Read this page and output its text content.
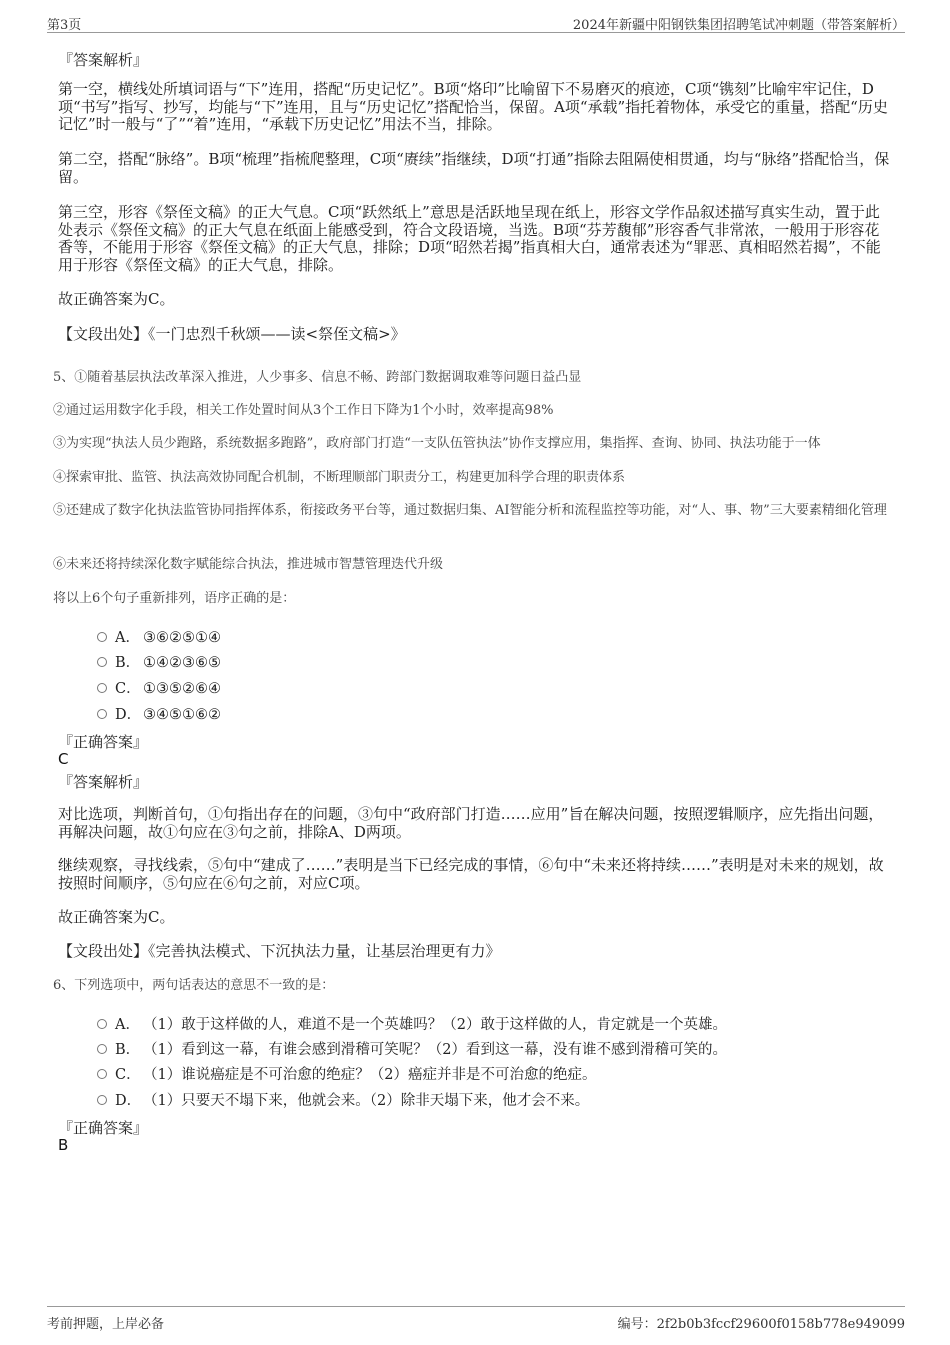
第3页	2024年新疆中阳钢铁集团招聘笔试冲刺题（带答案解析）
『答案解析』
第一空，横线处所填词语与“下”连用，搭配“历史记忆”。B项“烙印”比喻留下不易磨灭的痕迹，C项“镌刻”比喻牢牢记住，D项“书写”指写、抄写，均能与“下”连用，且与“历史记忆”搭配恰当，保留。A项“承载”指托着物体，承受它的重量，搭配“历史记忆”时一般与“了”“着”连用，“承载下历史记忆”用法不当，排除。
第二空，搭配“脉络”。B项“梳理”指梳爬整理，C项“赓续”指继续，D项“打通”指除去阻隔使相贯通，均与“脉络”搭配恰当，保留。
第三空，形容《祭侄文稿》的正大气息。C项“跃然纸上”意思是活跃地呈现在纸上，形容文学作品叙述描写真实生动，置于此处表示《祭侄文稿》的正大气息在纸面上能感受到，符合文段语境，当选。B项“芬芳馥郁”形容香气非常浓，一般用于形容花香等，不能用于形容《祭侄文稿》的正大气息，排除；D项“昭然若揭”指真相大白，通常表述为“罪恶、真相昭然若揭”，不能用于形容《祭侄文稿》的正大气息，排除。
故正确答案为C。
【文段出处】《一门忠烈千秋颂——读<祭侄文稿>》
5、①随着基层执法改革深入推进，人少事多、信息不畅、跨部门数据调取难等问题日益凸显
②通过运用数字化手段，相关工作处置时间从3个工作日下降为1个小时，效率提高98%
③为实现“执法人员少跑路，系统数据多跑路”，政府部门打造“一支队伍管执法”协作支撑应用，集指挥、查询、协同、执法功能于一体
④探索审批、监管、执法高效协同配合机制，不断理顺部门职责分工，构建更加科学合理的职责体系
⑤还建成了数字化执法监管协同指挥体系，衔接政务平台等，通过数据归集、AI智能分析和流程监控等功能，对“人、事、物”三大要素精细化管理
⑥未来还将持续深化数字赋能综合执法，推进城市智慧管理迭代升级
将以上6个句子重新排列，语序正确的是：
A． ③⑥②⑤①④
B． ①④②③⑥⑤
C． ①③⑤②⑥④
D． ③④⑤①⑥②
『正确答案』
C
『答案解析』
对比选项，判断首句，①句指出存在的问题，③句中“政府部门打造……应用”旨在解决问题，按照逻辑顺序，应先指出问题，再解决问题，故①句应在③句之前，排除A、D两项。
继续观察，寻找线索，⑤句中“建成了……”表明是当下已经完成的事情，⑥句中“未来还将持续……”表明是对未来的规划，故按照时间顺序，⑤句应在⑥句之前，对应C项。
故正确答案为C。
【文段出处】《完善执法模式、下沉执法力量，让基层治理更有力》
6、下列选项中，两句话表达的意思不一致的是：
A． （1）敢于这样做的人，难道不是一个英雄吗？（2）敢于这样做的人，肯定就是一个英雄。
B． （1）看到这一幕，有谁会感到滑稽可笑呢？（2）看到这一幕，没有谁不感到滑稽可笑的。
C． （1）谁说癌症是不可治愈的绝症？（2）癌症并非是不可治愈的绝症。
D． （1）只要天不塌下来，他就会来。（2）除非天塌下来，他才会不来。
『正确答案』
B
考前押题，上岸必备	编号：2f2b0b3fccf29600f0158b778e949099
